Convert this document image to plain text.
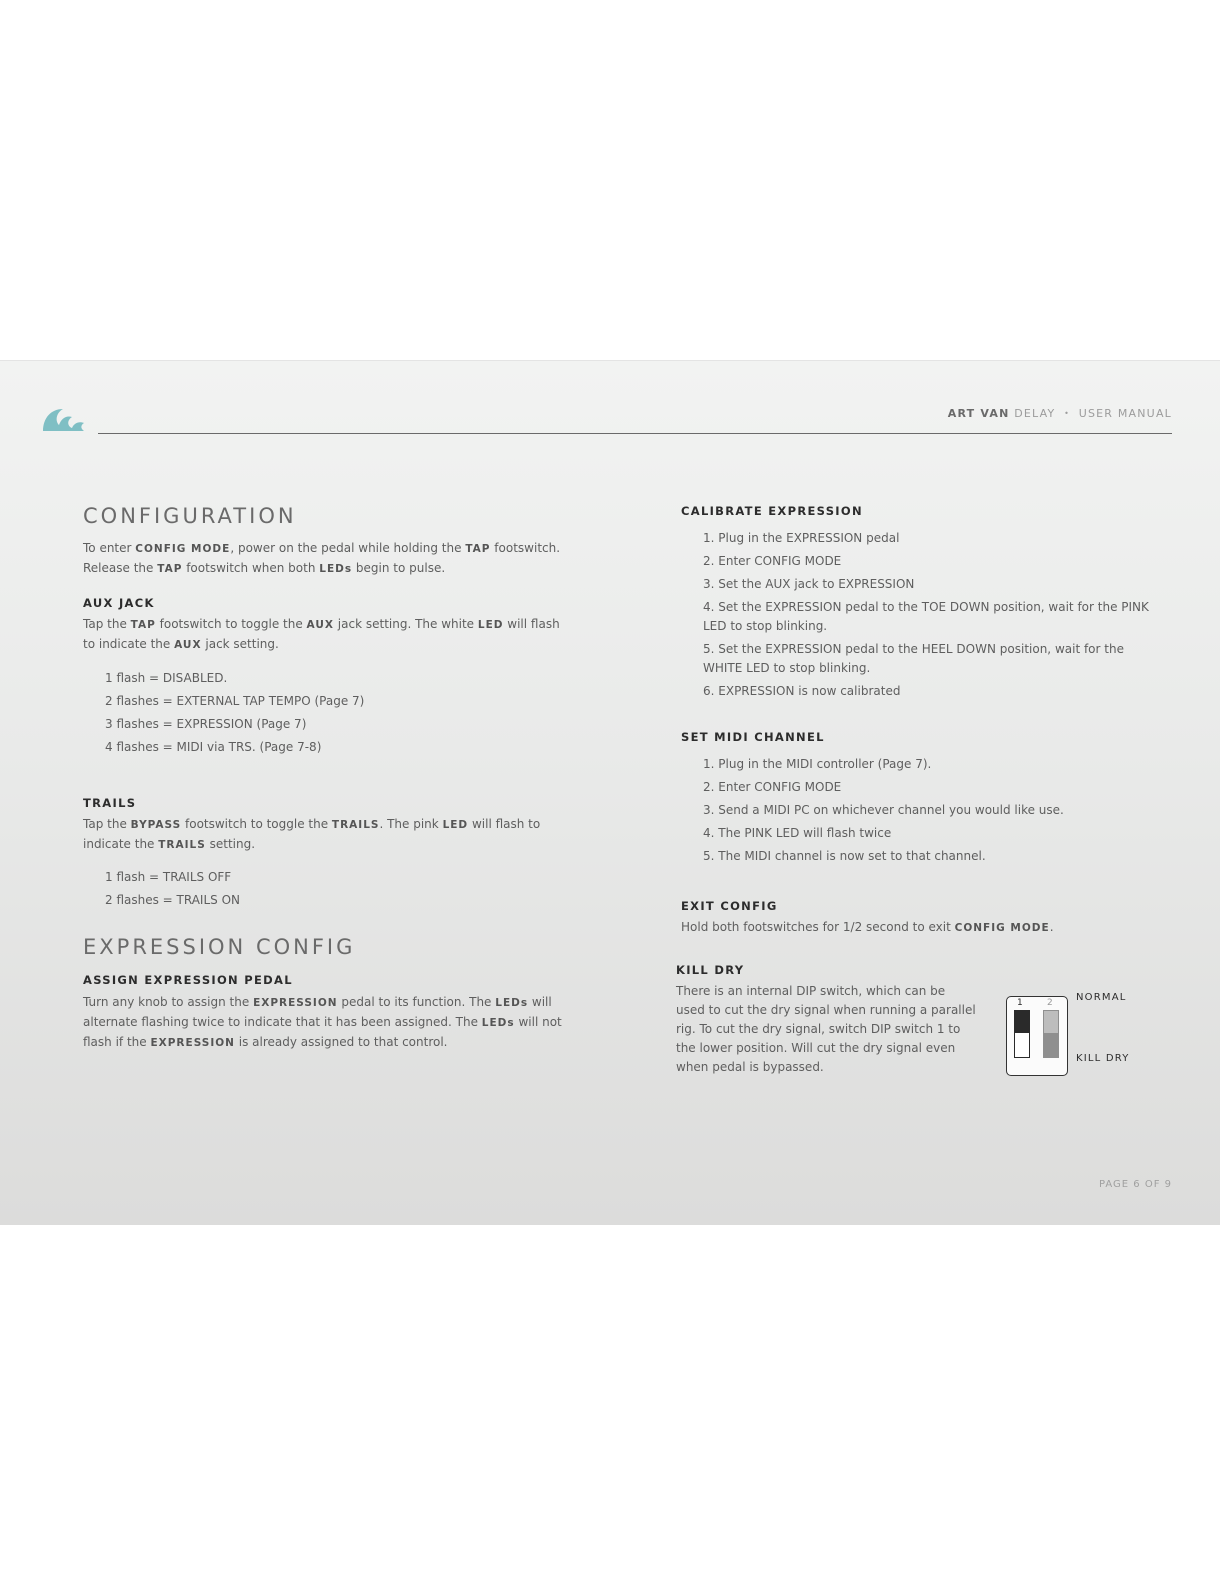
ART VAN DELAY • USER MANUAL
CONFIGURATION

To enter CONFIG MODE, power on the pedal while holding the TAP footswitch. Release the TAP footswitch when both LEDs begin to pulse.

AUX JACK

Tap the TAP footswitch to toggle the AUX jack setting. The white LED will flash to indicate the AUX jack setting.

1 flash = DISABLED.
2 flashes = EXTERNAL TAP TEMPO (Page 7)
3 flashes = EXPRESSION (Page 7)
4 flashes = MIDI via TRS. (Page 7-8)
TRAILS

Tap the BYPASS footswitch to toggle the TRAILS. The pink LED will flash to indicate the TRAILS setting.

1 flash = TRAILS OFF
2 flashes = TRAILS ON
EXPRESSION CONFIG
ASSIGN EXPRESSION PEDAL

Turn any knob to assign the EXPRESSION pedal to its function. The LEDs will alternate flashing twice to indicate that it has been assigned. The LEDs will not flash if the EXPRESSION is already assigned to that control.

CALIBRATE EXPRESSION
1. Plug in the EXPRESSION pedal
2. Enter CONFIG MODE
3. Set the AUX jack to EXPRESSION
4. Set the EXPRESSION pedal to the TOE DOWN position, wait for the PINK LED to stop blinking.
5. Set the EXPRESSION pedal to the HEEL DOWN position, wait for the WHITE LED to stop blinking.
6. EXPRESSION is now calibrated
SET MIDI CHANNEL
1. Plug in the MIDI controller (Page 7).
2. Enter CONFIG MODE
3. Send a MIDI PC on whichever channel you would like use.
4. The PINK LED will flash twice
5. The MIDI channel is now set to that channel.
EXIT CONFIG

Hold both footswitches for 1/2 second to exit CONFIG MODE.

KILL DRY

There is an internal DIP switch, which can be used to cut the dry signal when running a parallel rig. To cut the dry signal, switch DIP switch 1 to the lower position. Will cut the dry signal even when pedal is bypassed.

1	2 NORMAL
KILL DRY
PAGE 6 OF 9
